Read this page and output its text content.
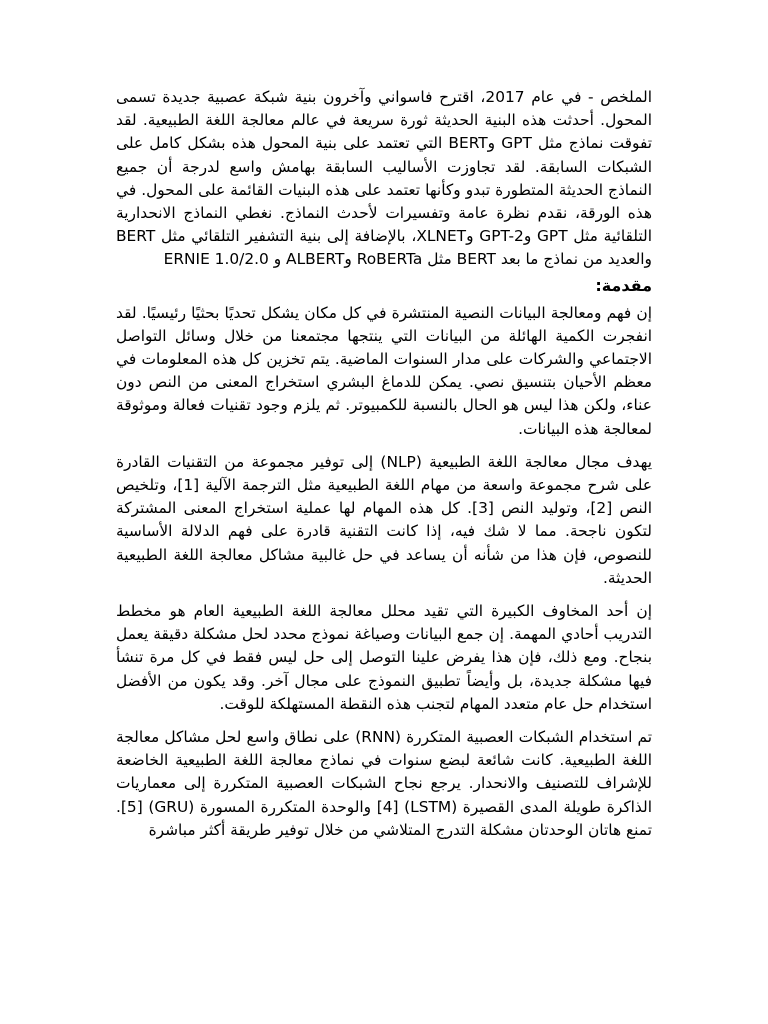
الملخص - في عام 2017، اقترح فاسواني وآخرون بنية شبكة عصبية جديدة تسمى المحول. أحدثت هذه البنية الحديثة ثورة سريعة في عالم معالجة اللغة الطبيعية. لقد تفوقت نماذج مثل GPT وBERT التي تعتمد على بنية المحول هذه بشكل كامل على الشبكات السابقة. لقد تجاوزت الأساليب السابقة بهامش واسع لدرجة أن جميع النماذج الحديثة المتطورة تبدو وكأنها تعتمد على هذه البنيات القائمة على المحول. في هذه الورقة، نقدم نظرة عامة وتفسيرات لأحدث النماذج. نغطي النماذج الانحدارية التلقائية مثل GPT وGPT-2 وXLNET، بالإضافة إلى بنية التشفير التلقائي مثل BERT والعديد من نماذج ما بعد BERT مثل RoBERTa وALBERT و ERNIE 1.0/2.0

مقدمة:

إن فهم ومعالجة البيانات النصية المنتشرة في كل مكان يشكل تحديًا بحثيًا رئيسيًا. لقد انفجرت الكمية الهائلة من البيانات التي ينتجها مجتمعنا من خلال وسائل التواصل الاجتماعي والشركات على مدار السنوات الماضية. يتم تخزين كل هذه المعلومات في معظم الأحيان بتنسيق نصي. يمكن للدماغ البشري استخراج المعنى من النص دون عناء، ولكن هذا ليس هو الحال بالنسبة للكمبيوتر. ثم يلزم وجود تقنيات فعالة وموثوقة لمعالجة هذه البيانات.

يهدف مجال معالجة اللغة الطبيعية (NLP) إلى توفير مجموعة من التقنيات القادرة على شرح مجموعة واسعة من مهام اللغة الطبيعية مثل الترجمة الآلية [1]، وتلخيص النص [2]، وتوليد النص [3]. كل هذه المهام لها عملية استخراج المعنى المشتركة لتكون ناجحة. مما لا شك فيه، إذا كانت التقنية قادرة على فهم الدلالة الأساسية للنصوص، فإن هذا من شأنه أن يساعد في حل غالبية مشاكل معالجة اللغة الطبيعية الحديثة.

إن أحد المخاوف الكبيرة التي تقيد محلل معالجة اللغة الطبيعية العام هو مخطط التدريب أحادي المهمة. إن جمع البيانات وصياغة نموذج محدد لحل مشكلة دقيقة يعمل بنجاح. ومع ذلك، فإن هذا يفرض علينا التوصل إلى حل ليس فقط في كل مرة تنشأ فيها مشكلة جديدة، بل وأيضاً تطبيق النموذج على مجال آخر. وقد يكون من الأفضل استخدام حل عام متعدد المهام لتجنب هذه النقطة المستهلكة للوقت.

تم استخدام الشبكات العصبية المتكررة (RNN) على نطاق واسع لحل مشاكل معالجة اللغة الطبيعية. كانت شائعة لبضع سنوات في نماذج معالجة اللغة الطبيعية الخاضعة للإشراف للتصنيف والانحدار. يرجع نجاح الشبكات العصبية المتكررة إلى معماريات الذاكرة طويلة المدى القصيرة (LSTM) [4] والوحدة المتكررة المسورة (GRU) [5]. تمنع هاتان الوحدتان مشكلة التدرج المتلاشي من خلال توفير طريقة أكثر مباشرة
